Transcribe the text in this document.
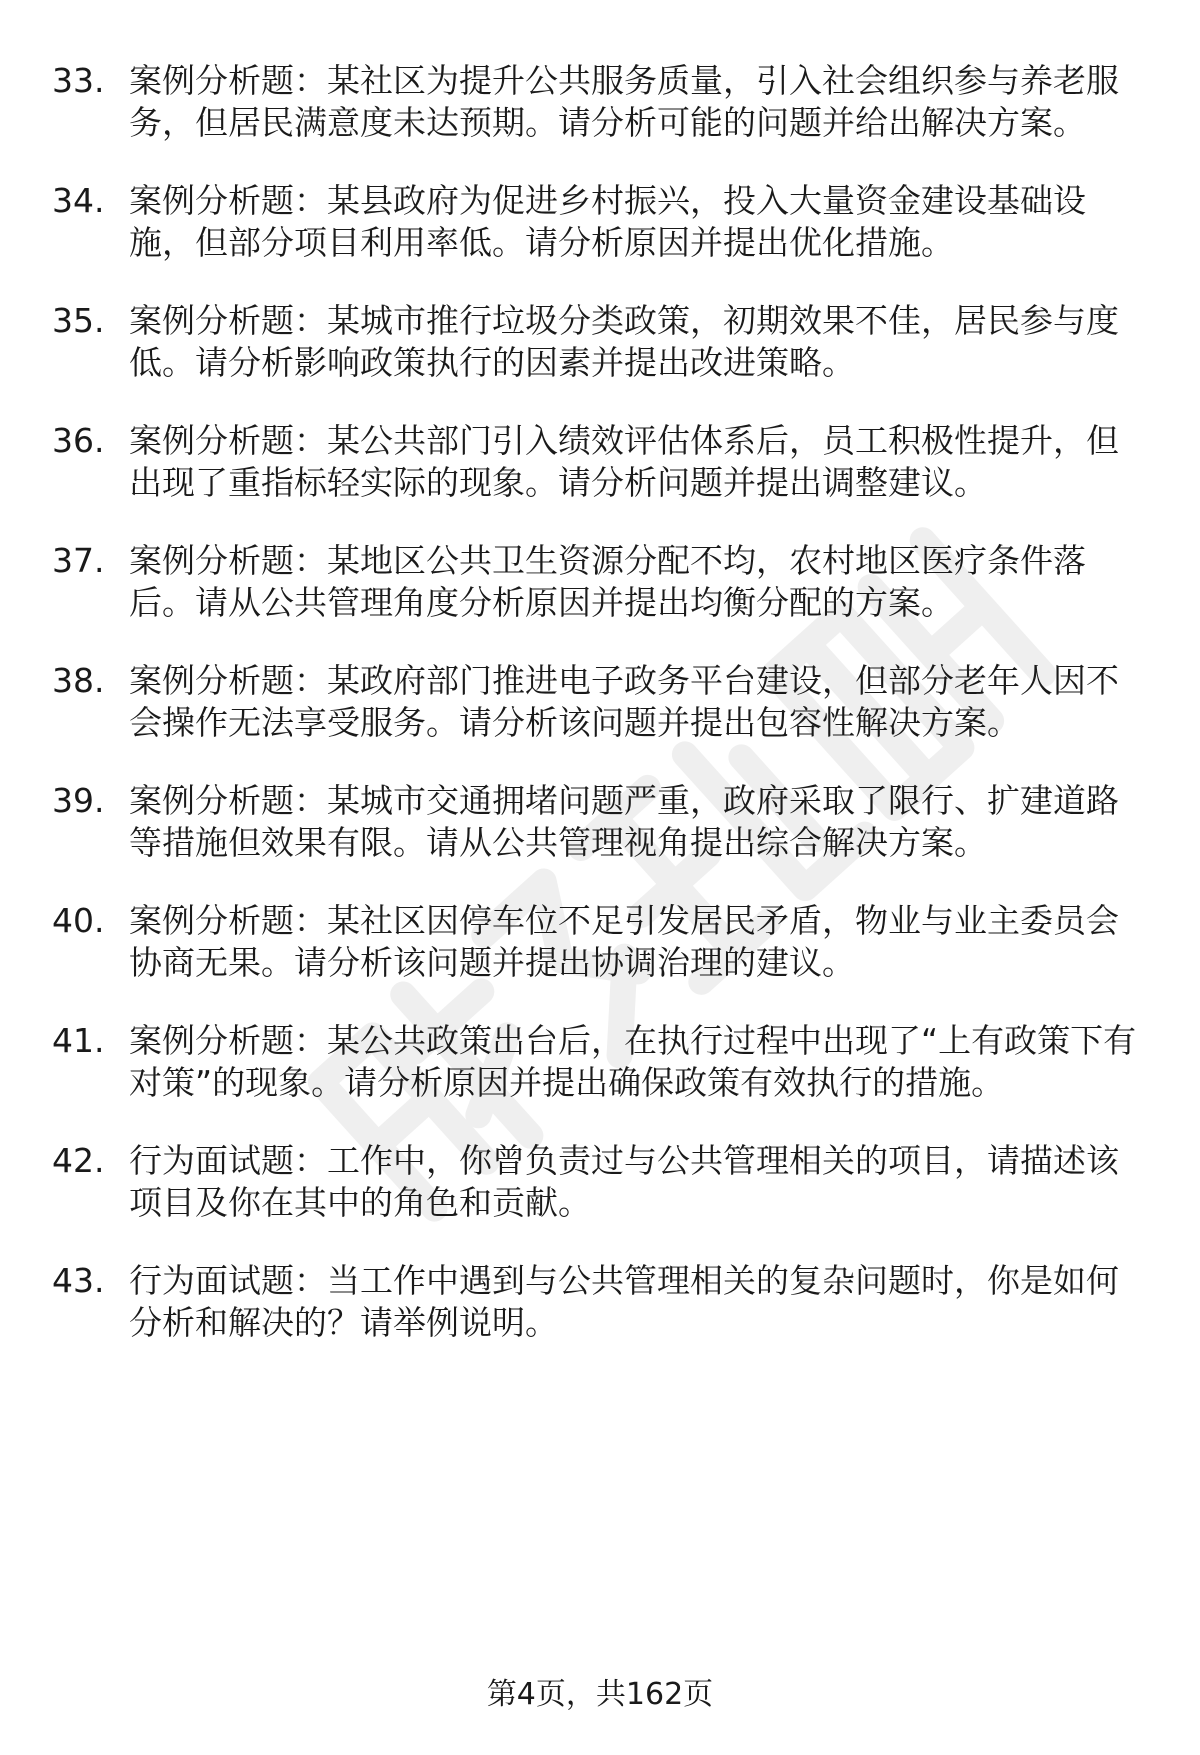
33. 案例分析题：某社区为提升公共服务质量，引入社会组织参与养老服务，但居民满意度未达预期。请分析可能的问题并给出解决方案。
34. 案例分析题：某县政府为促进乡村振兴，投入大量资金建设基础设施，但部分项目利用率低。请分析原因并提出优化措施。
35. 案例分析题：某城市推行垃圾分类政策，初期效果不佳，居民参与度低。请分析影响政策执行的因素并提出改进策略。
36. 案例分析题：某公共部门引入绩效评估体系后，员工积极性提升，但出现了重指标轻实际的现象。请分析问题并提出调整建议。
37. 案例分析题：某地区公共卫生资源分配不均，农村地区医疗条件落后。请从公共管理角度分析原因并提出均衡分配的方案。
38. 案例分析题：某政府部门推进电子政务平台建设，但部分老年人因不会操作无法享受服务。请分析该问题并提出包容性解决方案。
39. 案例分析题：某城市交通拥堵问题严重，政府采取了限行、扩建道路等措施但效果有限。请从公共管理视角提出综合解决方案。
40. 案例分析题：某社区因停车位不足引发居民矛盾，物业与业主委员会协商无果。请分析该问题并提出协调治理的建议。
41. 案例分析题：某公共政策出台后，在执行过程中出现了“上有政策下有对策”的现象。请分析原因并提出确保政策有效执行的措施。
42. 行为面试题：工作中，你曾负责过与公共管理相关的项目，请描述该项目及你在其中的角色和贡献。
43. 行为面试题：当工作中遇到与公共管理相关的复杂问题时，你是如何分析和解决的？请举例说明。
第4页，共162页
